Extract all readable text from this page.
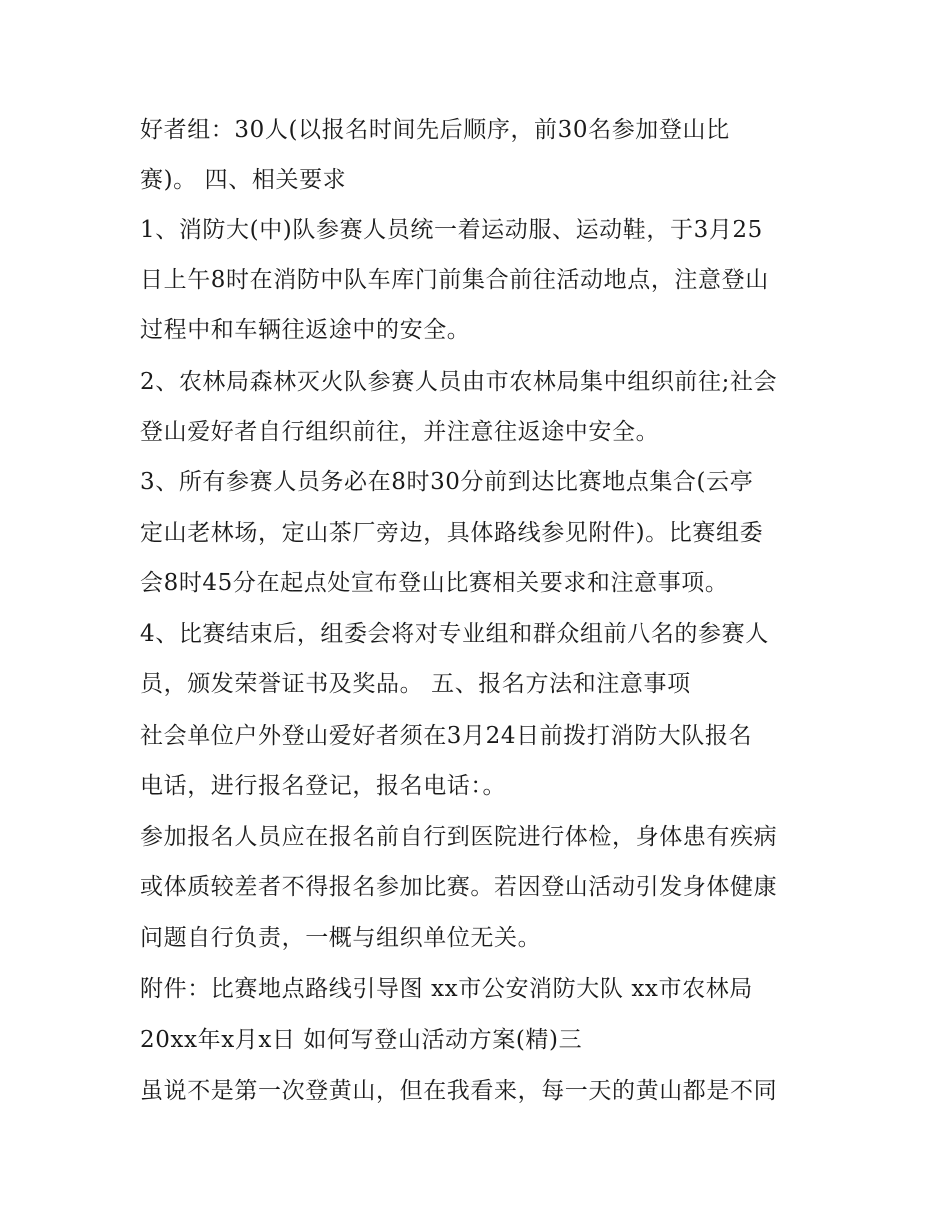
好者组：30人(以报名时间先后顺序，前30名参加登山比

赛)。 四、相关要求

1、消防大(中)队参赛人员统一着运动服、运动鞋，于3月25

日上午8时在消防中队车库门前集合前往活动地点，注意登山

过程中和车辆往返途中的安全。

2、农林局森林灭火队参赛人员由市农林局集中组织前往;社会

登山爱好者自行组织前往，并注意往返途中安全。

3、所有参赛人员务必在8时30分前到达比赛地点集合(云亭

定山老林场，定山茶厂旁边，具体路线参见附件)。比赛组委

会8时45分在起点处宣布登山比赛相关要求和注意事项。

4、比赛结束后，组委会将对专业组和群众组前八名的参赛人

员，颁发荣誉证书及奖品。 五、报名方法和注意事项

社会单位户外登山爱好者须在3月24日前拨打消防大队报名

电话，进行报名登记，报名电话：。

参加报名人员应在报名前自行到医院进行体检，身体患有疾病

或体质较差者不得报名参加比赛。若因登山活动引发身体健康

问题自行负责，一概与组织单位无关。

附件：比赛地点路线引导图 xx市公安消防大队 xx市农林局

20xx年x月x日 如何写登山活动方案(精)三

虽说不是第一次登黄山，但在我看来，每一天的黄山都是不同
